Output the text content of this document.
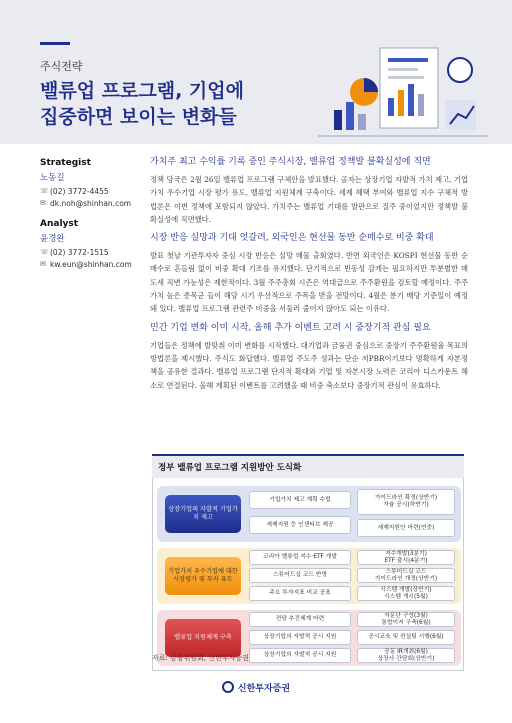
주식전략
밸류업 프로그램, 기업에
집중하면 보이는 변화들
Strategist
노동길
☏ (02) 3772-4455
✉ dk.noh@shinhan.com
Analyst
윤경완
☏ (02) 3772-1515
✉ kw.eun@shinhan.com
가치주 최고 수익률 기록 중인 주식시장, 밸류업 정책발 불확실성에 직면

정책 당국은 2월 26일 밸류업 프로그램 구체안을 발표했다. 골자는 상장기업 자발적 가치 제고, 기업가치 우수기업 시장 평가 유도, 밸류업 지원체계 구축이다. 세제 혜택 부여와 밸류업 지수 구체적 방법론은 이번 정책에 포함되지 않았다. 가치주는 밸류업 기대를 발판으로 질주 중이었지만 정책발 불확실성에 직면했다.

시장 반응 실망과 기대 엇갈려, 외국인은 현선물 동반 순매수로 비중 확대

발표 첫날 기관투자자 중심 시장 반응은 실망 매물 출회였다. 반면 외국인은 KOSPI 현선물 동반 순매수로 흔들림 없이 비중 확대 기조를 유지했다. 단기적으로 빈동성 감게는 필요하지만 투분별한 매도세 직변 가능성은 제한적이다. 3월 주주총회 시즌은 역대급으로 주주환원을 검토할 예정이다. 주주가치 높은 종목군 들이 해당 시기 우선적으로 주목을 받을 전망이다. 4월은 분기 배당 기준일이 예정돼 있다. 밸류업 프로그램 관련주 비중을 서둘러 줄이지 않아도 되는 이유다.

민간 기업 변화 이미 시작, 올해 추가 이벤트 고려 시 중장기적 관심 필요

기업들은 정책에 발맞춰 이미 변화를 시작했다. 대기업과 금융권 중심으로 중장기 주주환원율 목표의 방법론을 제시했다. 주식도 화답했다. 밸류업 주도주 성과는 단순 저PBR이기보다 명확하게 자본정책을 공유한 결과다. 밸류업 프로그램 단지적 확대와 기업 및 자본시장 노력은 코리아 디스카운트 해소로 연결된다. 올해 계획된 이벤트를 고려했을 때 비중 축소보다 중장기적 관심이 유효하다.

정부 밸류업 프로그램 지원방안 도식화
상장기업의 자발적 기업가치 제고
기업가치 제고 계획 수립
세제지원 등 인센티브 제공
가이드라인 확정(상반기)
자율 공시(하반기)
세제지원안 마련(연중)
기업가치 우수기업에 대한 시장평가 및 투자 유도
코리아 밸류업 지수·ETF 개발
스튜어드십 코드 반영
주요 투자지표 비교 공표
지수개발(3분기)
ETF 출시(4분기)
스튜어드십 코드
가이드라인 개정(상반기)
시스템 개발(상반기)
시스템 개시(5월)
밸류업 지원체계 구축
전담 추진체계 마련
상장기업의 자발적 공시 지원
상장기업의 자발적 공시 지원
자문단 구성(3월)
통합이지 구축(6월)
공시교육 및 컨설팅 시행(6월)
공동 IR개최(6월)
상장사 간담회(상반기)
자료: 금융위원회, 신한투자증권
신한투자증권
